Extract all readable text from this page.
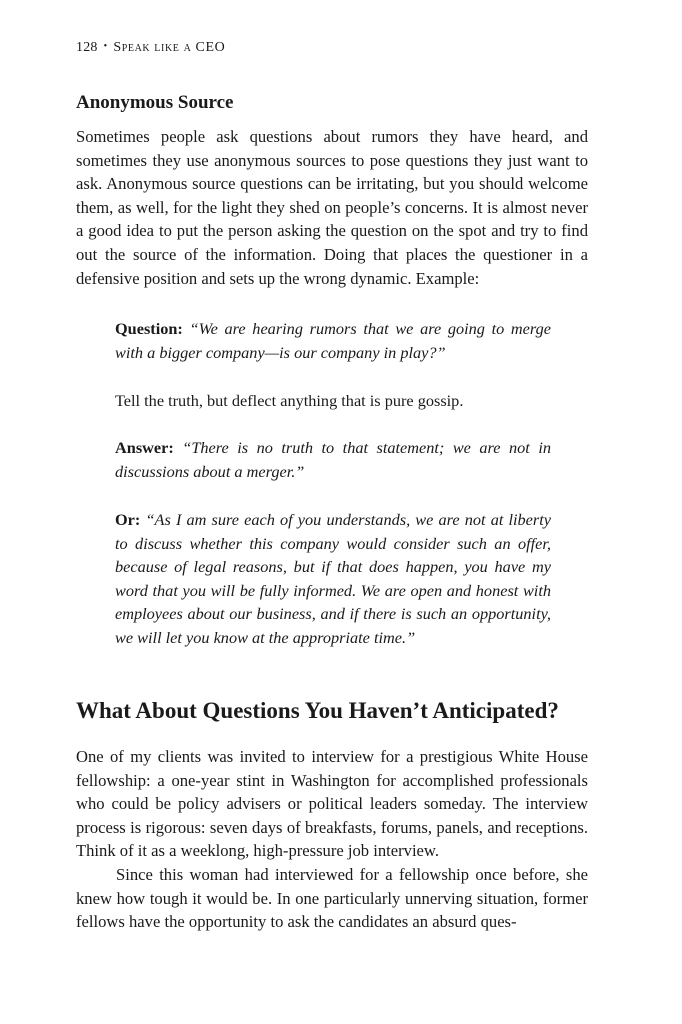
128 • Speak like a CEO
Anonymous Source

Sometimes people ask questions about rumors they have heard, and sometimes they use anonymous sources to pose questions they just want to ask. Anonymous source questions can be irritating, but you should welcome them, as well, for the light they shed on people’s concerns. It is almost never a good idea to put the person asking the question on the spot and try to find out the source of the information. Doing that places the questioner in a defensive position and sets up the wrong dynamic. Example:

Question: “We are hearing rumors that we are going to merge with a bigger company—is our company in play?”

Tell the truth, but deflect anything that is pure gossip.

Answer: “There is no truth to that statement; we are not in discussions about a merger.”

Or: “As I am sure each of you understands, we are not at liberty to discuss whether this company would consider such an offer, because of legal reasons, but if that does happen, you have my word that you will be fully informed. We are open and honest with employees about our business, and if there is such an opportunity, we will let you know at the appropriate time.”

What About Questions You Haven’t Anticipated?

One of my clients was invited to interview for a prestigious White House fellowship: a one-year stint in Washington for accomplished professionals who could be policy advisers or political leaders someday. The interview process is rigorous: seven days of breakfasts, forums, panels, and receptions. Think of it as a weeklong, high-pressure job interview.

Since this woman had interviewed for a fellowship once before, she knew how tough it would be. In one particularly unnerving situation, former fellows have the opportunity to ask the candidates an absurd ques-
